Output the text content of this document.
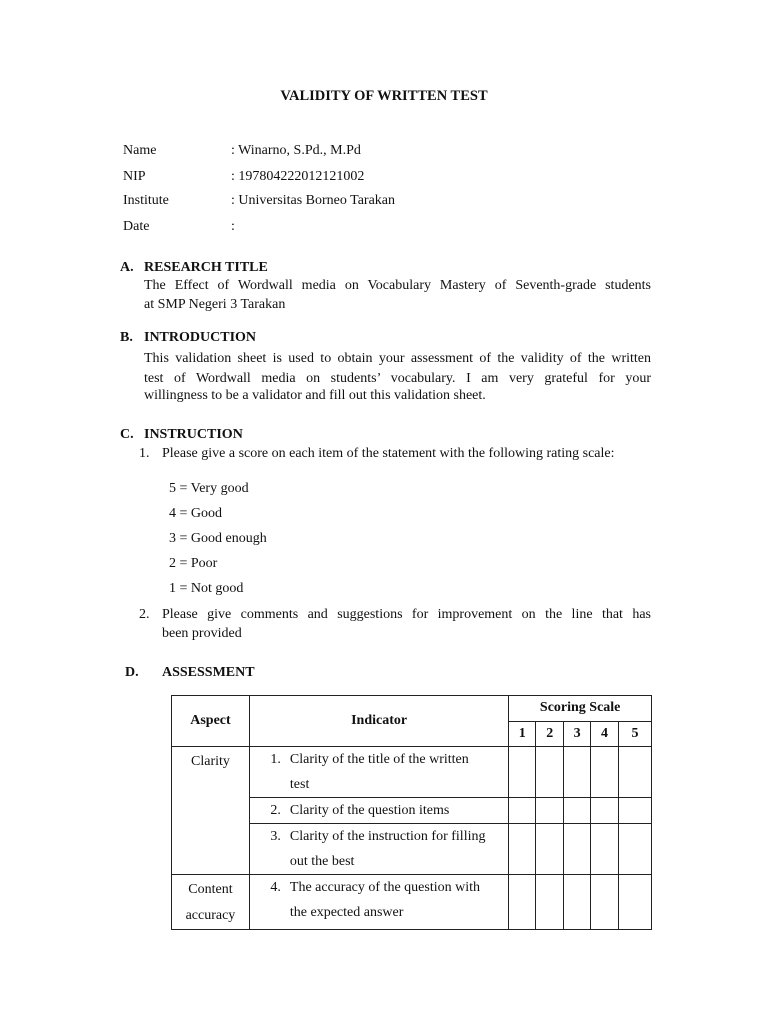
VALIDITY OF WRITTEN TEST
Name	: Winarno, S.Pd., M.Pd
NIP	: 197804222012121002
Institute	: Universitas Borneo Tarakan
Date	:
A. RESEARCH TITLE
The Effect of Wordwall media on Vocabulary Mastery of Seventh-grade students
at SMP Negeri 3 Tarakan
B. INTRODUCTION
This validation sheet is used to obtain your assessment of the validity of the written
test of Wordwall media on students’ vocabulary. I am very grateful for your
willingness to be a validator and fill out this validation sheet.
C. INSTRUCTION
1. Please give a score on each item of the statement with the following rating scale:
5 = Very good
4 = Good
3 = Good enough
2 = Poor
1 = Not good
2. Please give comments and suggestions for improvement on the line that has
been provided
D. ASSESSMENT
Aspect	Indicator	Scoring Scale				
		1	2	3	4	5
Clarity	1. Clarity of the title of the written
test					

	2. Clarity of the question items					

	3. Clarity of the instruction for filling
out the best					

Content
accuracy	4. The accuracy of the question with
the expected answer					
